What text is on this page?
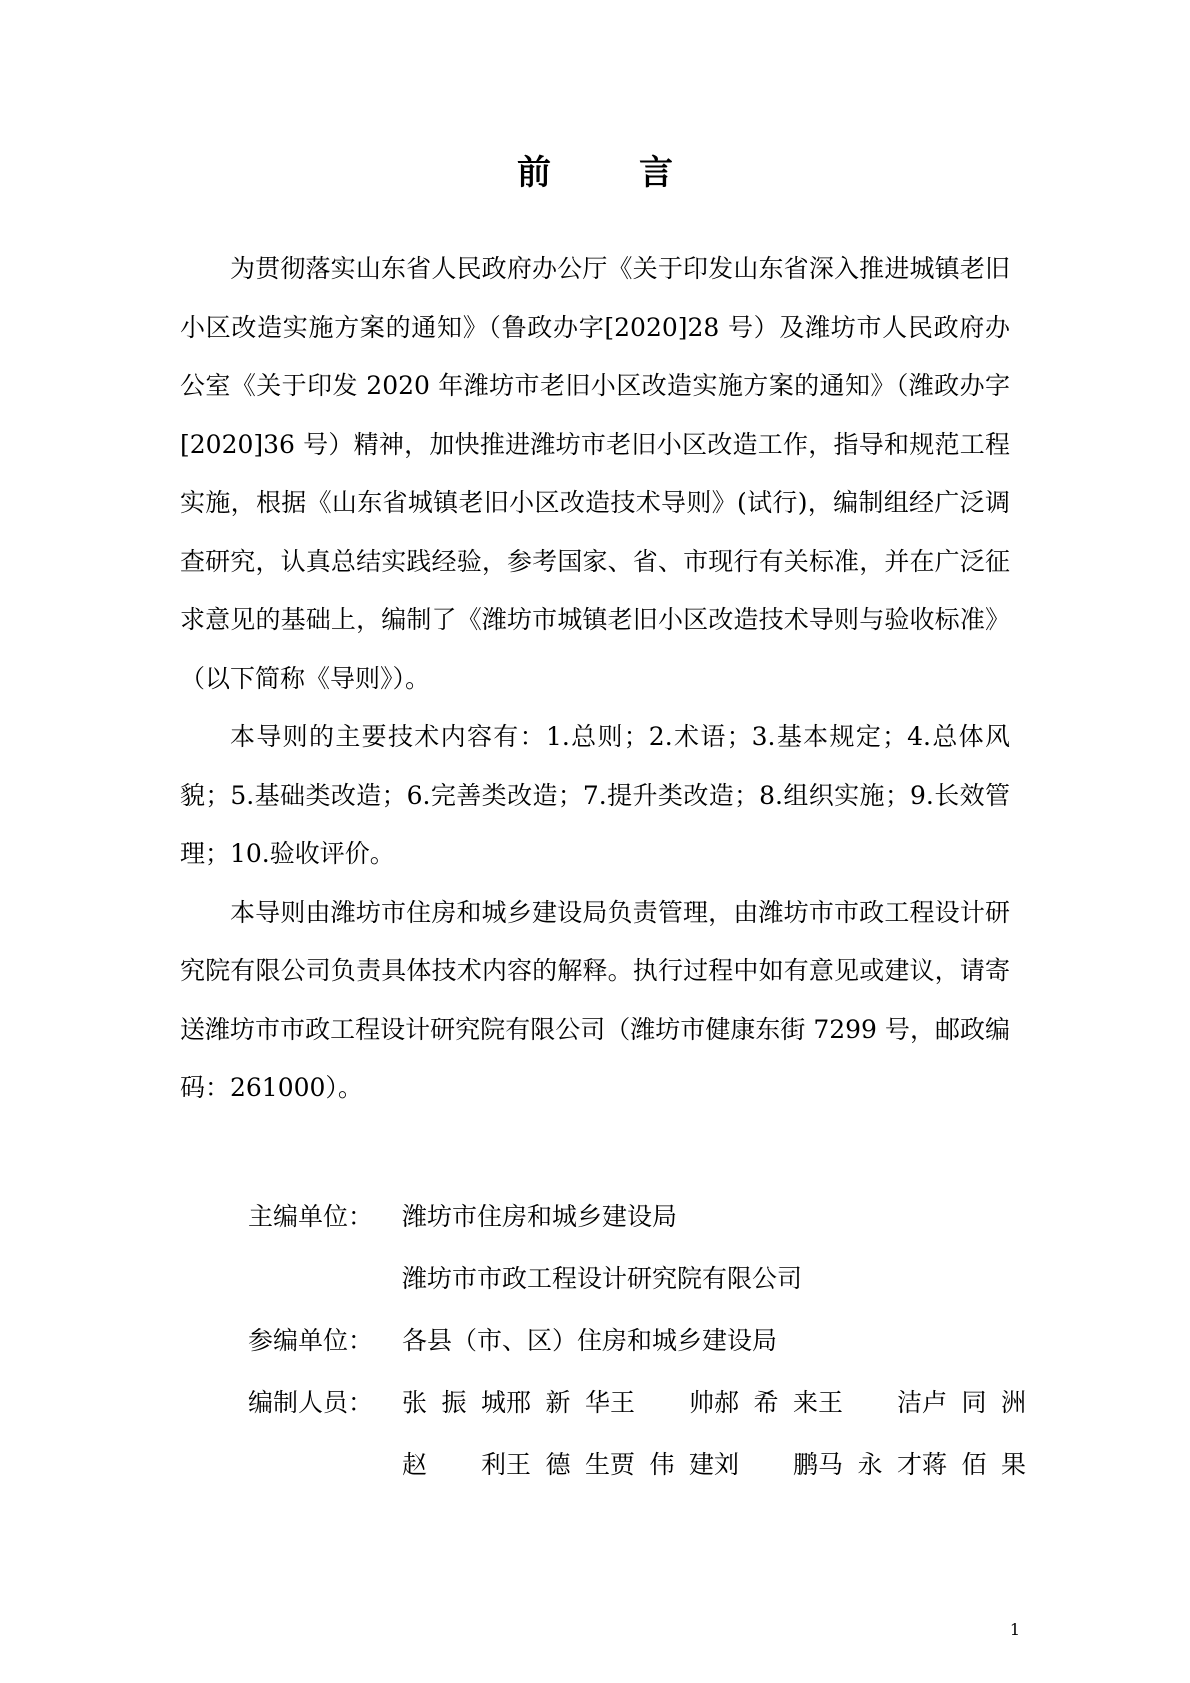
前	言

为贯彻落实山东省人民政府办公厅《关于印发山东省深入推进城镇老旧小区改造实施方案的通知》（鲁政办字[2020]28 号）及潍坊市人民政府办公室《关于印发 2020 年潍坊市老旧小区改造实施方案的通知》（潍政办字[2020]36 号）精神，加快推进潍坊市老旧小区改造工作，指导和规范工程实施，根据《山东省城镇老旧小区改造技术导则》(试行)，编制组经广泛调查研究，认真总结实践经验，参考国家、省、市现行有关标准，并在广泛征求意见的基础上，编制了《潍坊市城镇老旧小区改造技术导则与验收标准》（以下简称《导则》）。

本导则的主要技术内容有：1.总则；2.术语；3.基本规定；4.总体风貌；5.基础类改造；6.完善类改造；7.提升类改造；8.组织实施；9.长效管理；10.验收评价。

本导则由潍坊市住房和城乡建设局负责管理，由潍坊市市政工程设计研究院有限公司负责具体技术内容的解释。执行过程中如有意见或建议，请寄送潍坊市市政工程设计研究院有限公司（潍坊市健康东街 7299 号，邮政编码：261000）。

主编单位：	潍坊市住房和城乡建设局
潍坊市市政工程设计研究院有限公司
参编单位：	各县（市、区）住房和城乡建设局
编制人员：	张振城邢新华王　帅郝希来王　洁卢同洲
赵　利王德生贾伟建刘　鹏马永才蒋佰果
1
